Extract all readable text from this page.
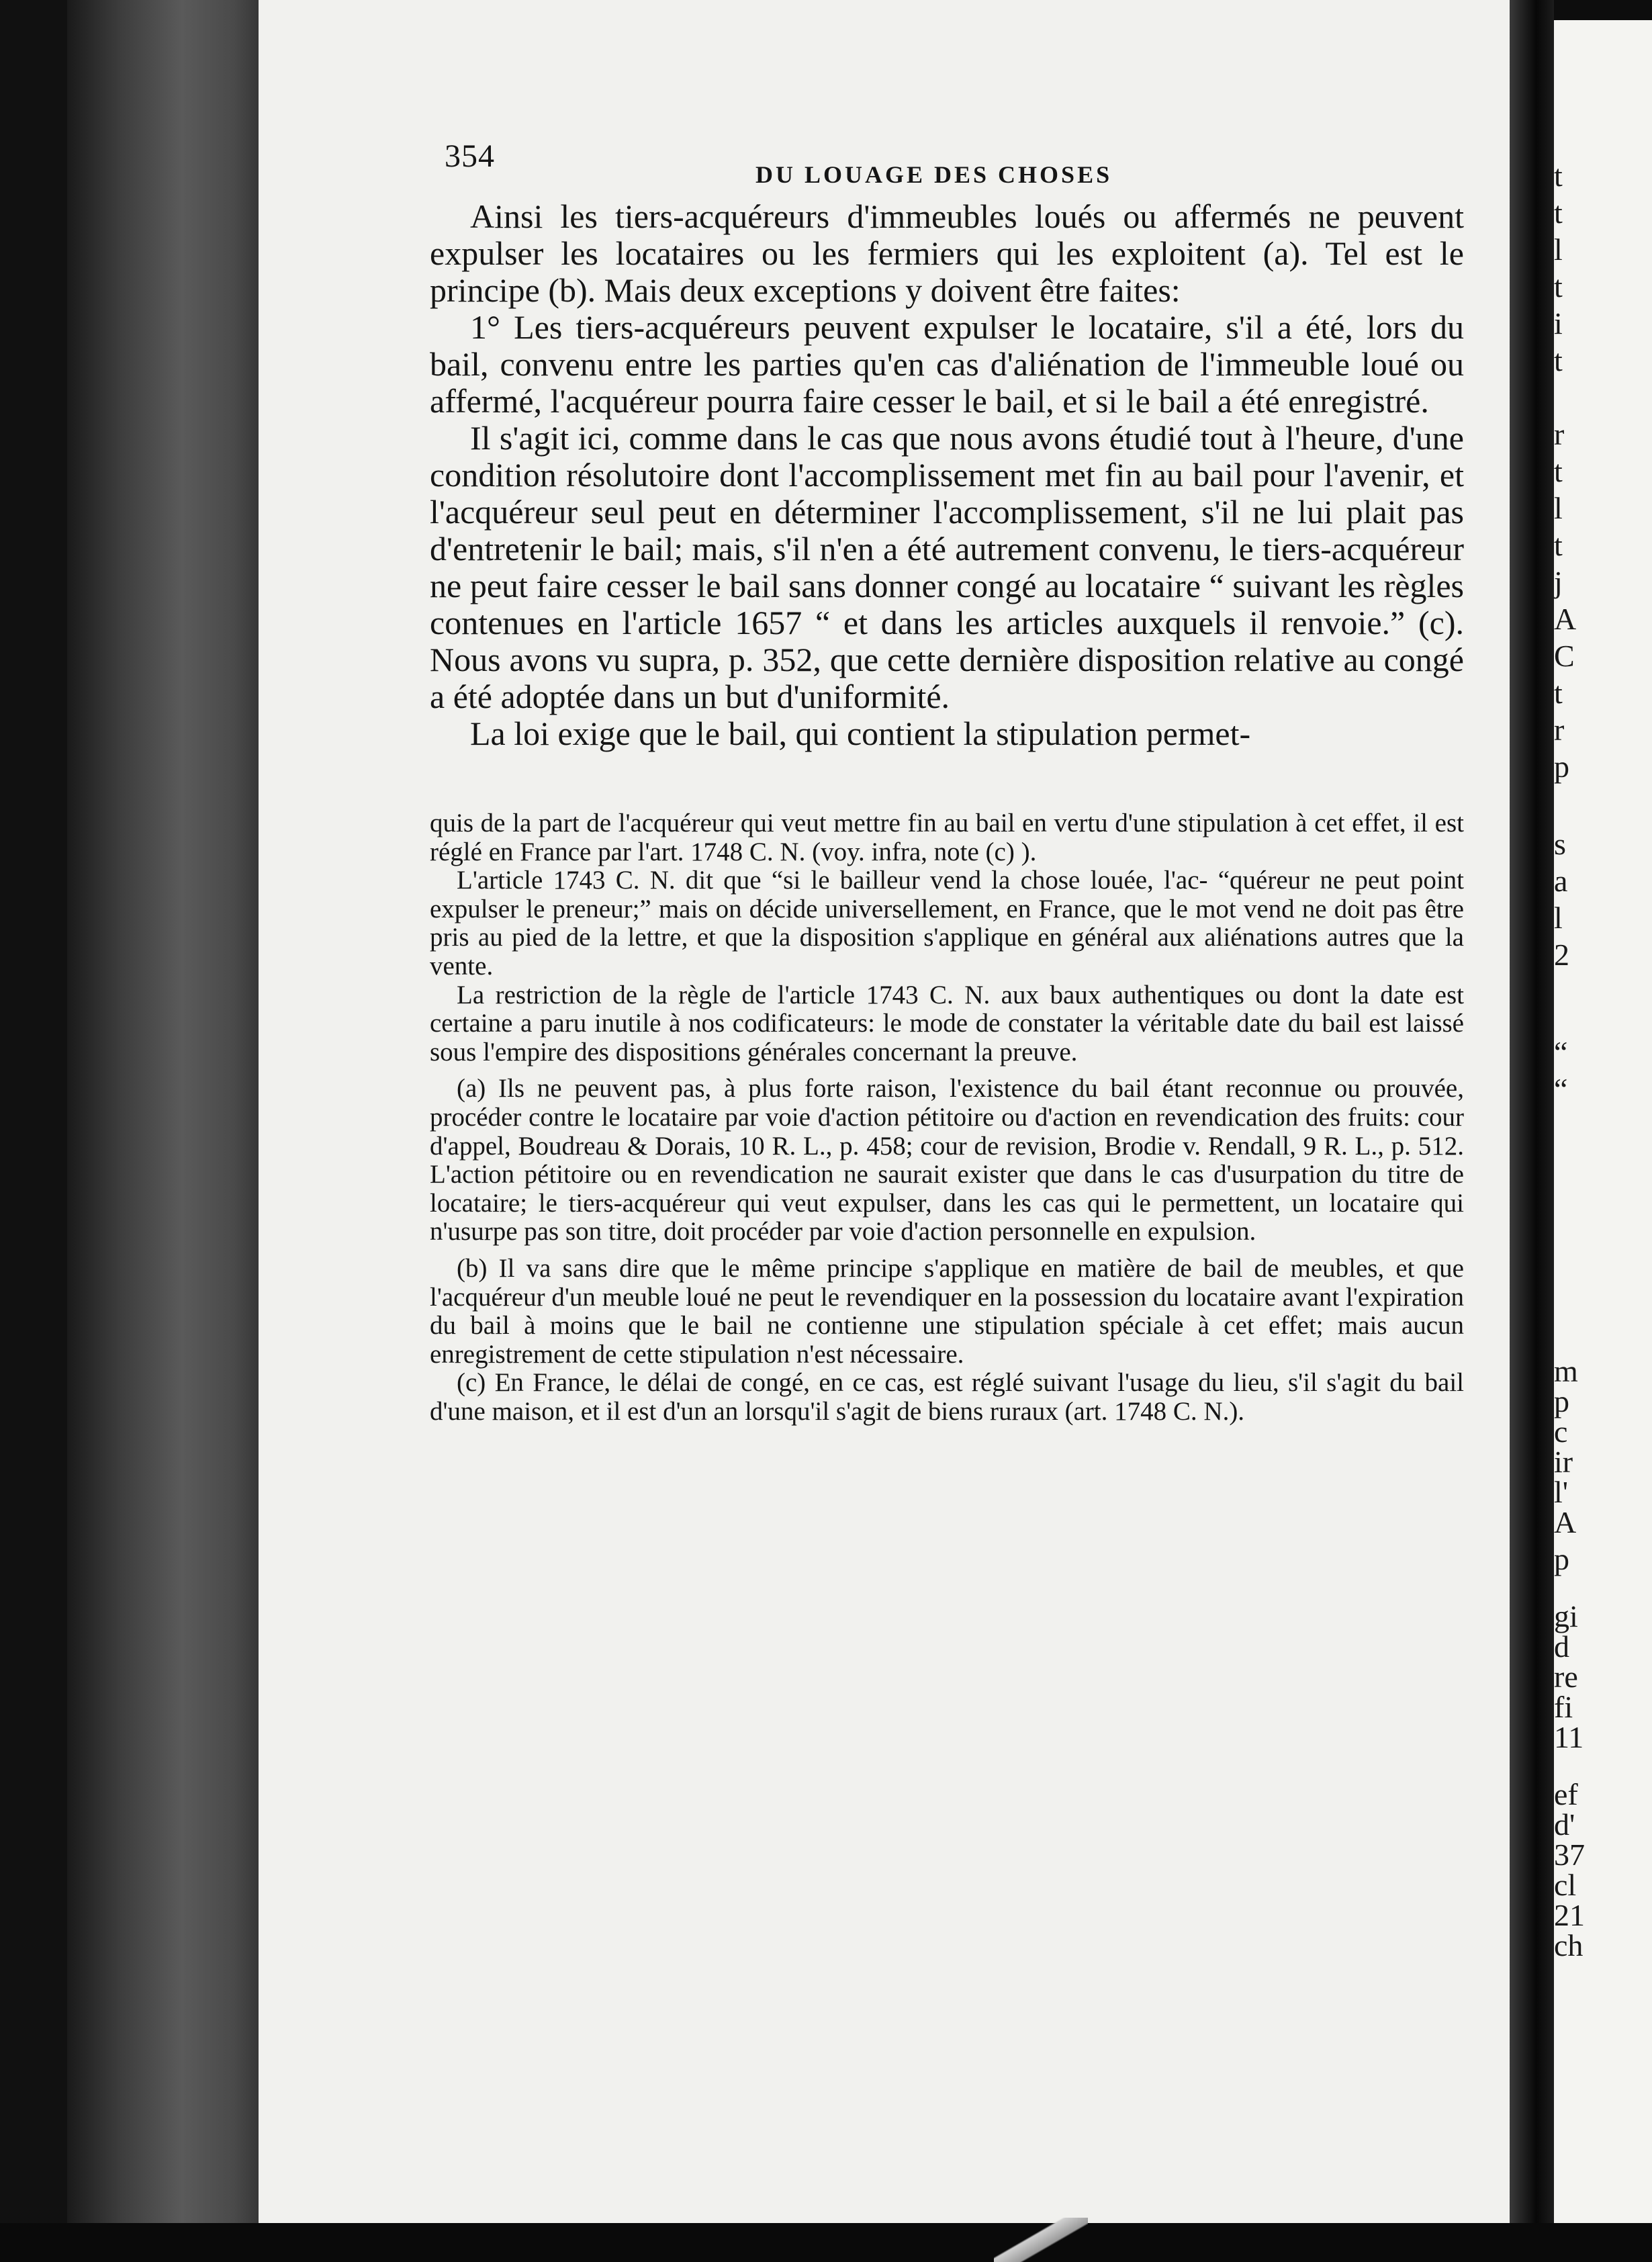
t
t
l
t
i
t
r
t
l
t
j
A
C
t
r
p
s
a
l
2
“
“
m
p
c
ir
l'
A
p
gi
d
re
fi
11
ef
d'
37
cl
21
ch
354
DU LOUAGE DES CHOSES

Ainsi les tiers-acquéreurs d'immeubles loués ou affermés ne peuvent expulser les locataires ou les fermiers qui les exploitent (a). Tel est le principe (b). Mais deux exceptions y doivent être faites:

1° Les tiers-acquéreurs peuvent expulser le locataire, s'il a été, lors du bail, convenu entre les parties qu'en cas d'aliénation de l'immeuble loué ou affermé, l'acquéreur pourra faire cesser le bail, et si le bail a été enregistré.

Il s'agit ici, comme dans le cas que nous avons étudié tout à l'heure, d'une condition résolutoire dont l'accomplissement met fin au bail pour l'avenir, et l'acquéreur seul peut en déterminer l'accomplissement, s'il ne lui plait pas d'entretenir le bail; mais, s'il n'en a été autrement convenu, le tiers-acquéreur ne peut faire cesser le bail sans donner congé au locataire “ suivant les règles contenues en l'article 1657 “ et dans les articles auxquels il renvoie.” (c). Nous avons vu supra, p. 352, que cette dernière disposition relative au congé a été adoptée dans un but d'uniformité.

La loi exige que le bail, qui contient la stipulation permet-

quis de la part de l'acquéreur qui veut mettre fin au bail en vertu d'une stipulation à cet effet, il est réglé en France par l'art. 1748 C. N. (voy. infra, note (c) ).

L'article 1743 C. N. dit que “si le bailleur vend la chose louée, l'ac- “quéreur ne peut point expulser le preneur;” mais on décide universellement, en France, que le mot vend ne doit pas être pris au pied de la lettre, et que la disposition s'applique en général aux aliénations autres que la vente.

La restriction de la règle de l'article 1743 C. N. aux baux authentiques ou dont la date est certaine a paru inutile à nos codificateurs: le mode de constater la véritable date du bail est laissé sous l'empire des dispositions générales concernant la preuve.

(a) Ils ne peuvent pas, à plus forte raison, l'existence du bail étant reconnue ou prouvée, procéder contre le locataire par voie d'action pétitoire ou d'action en revendication des fruits: cour d'appel, Boudreau & Dorais, 10 R. L., p. 458; cour de revision, Brodie v. Rendall, 9 R. L., p. 512. L'action pétitoire ou en revendication ne saurait exister que dans le cas d'usurpation du titre de locataire; le tiers-acquéreur qui veut expulser, dans les cas qui le permettent, un locataire qui n'usurpe pas son titre, doit procéder par voie d'action personnelle en expulsion.

(b) Il va sans dire que le même principe s'applique en matière de bail de meubles, et que l'acquéreur d'un meuble loué ne peut le revendiquer en la possession du locataire avant l'expiration du bail à moins que le bail ne contienne une stipulation spéciale à cet effet; mais aucun enregistrement de cette stipulation n'est nécessaire.

(c) En France, le délai de congé, en ce cas, est réglé suivant l'usage du lieu, s'il s'agit du bail d'une maison, et il est d'un an lorsqu'il s'agit de biens ruraux (art. 1748 C. N.).
